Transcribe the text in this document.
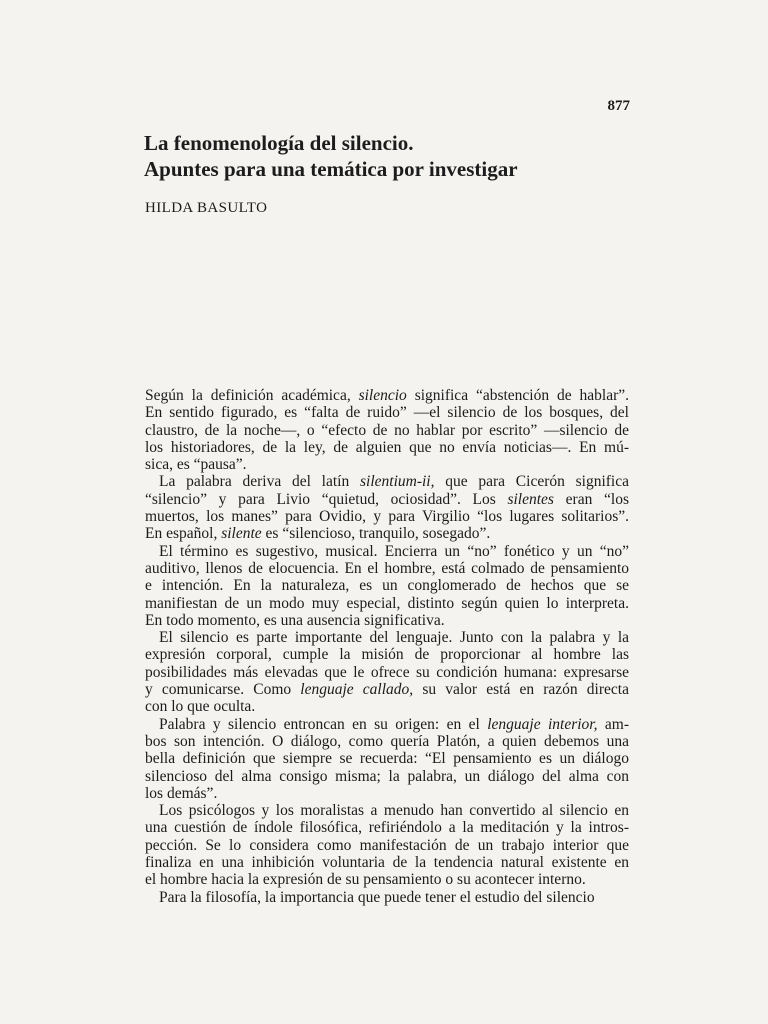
877
La fenomenología del silencio.
Apuntes para una temática por investigar
HILDA BASULTO
Según la definición académica, silencio significa “abstención de hablar”.
En sentido figurado, es “falta de ruido” —el silencio de los bosques, del
claustro, de la noche—, o “efecto de no hablar por escrito” —silencio de
los historiadores, de la ley, de alguien que no envía noticias—. En mú-
sica, es “pausa”.
La palabra deriva del latín silentium-ii, que para Cicerón significa
“silencio” y para Livio “quietud, ociosidad”. Los silentes eran “los
muertos, los manes” para Ovidio, y para Virgilio “los lugares solitarios”.
En español, silente es “silencioso, tranquilo, sosegado”.
El término es sugestivo, musical. Encierra un “no” fonético y un “no”
auditivo, llenos de elocuencia. En el hombre, está colmado de pensamiento
e intención. En la naturaleza, es un conglomerado de hechos que se
manifiestan de un modo muy especial, distinto según quien lo interpreta.
En todo momento, es una ausencia significativa.
El silencio es parte importante del lenguaje. Junto con la palabra y la
expresión corporal, cumple la misión de proporcionar al hombre las
posibilidades más elevadas que le ofrece su condición humana: expresarse
y comunicarse. Como lenguaje callado, su valor está en razón directa
con lo que oculta.
Palabra y silencio entroncan en su origen: en el lenguaje interior, am-
bos son intención. O diálogo, como quería Platón, a quien debemos una
bella definición que siempre se recuerda: “El pensamiento es un diálogo
silencioso del alma consigo misma; la palabra, un diálogo del alma con
los demás”.
Los psicólogos y los moralistas a menudo han convertido al silencio en
una cuestión de índole filosófica, refiriéndolo a la meditación y la intros-
pección. Se lo considera como manifestación de un trabajo interior que
finaliza en una inhibición voluntaria de la tendencia natural existente en
el hombre hacia la expresión de su pensamiento o su acontecer interno.
Para la filosofía, la importancia que puede tener el estudio del silencio
